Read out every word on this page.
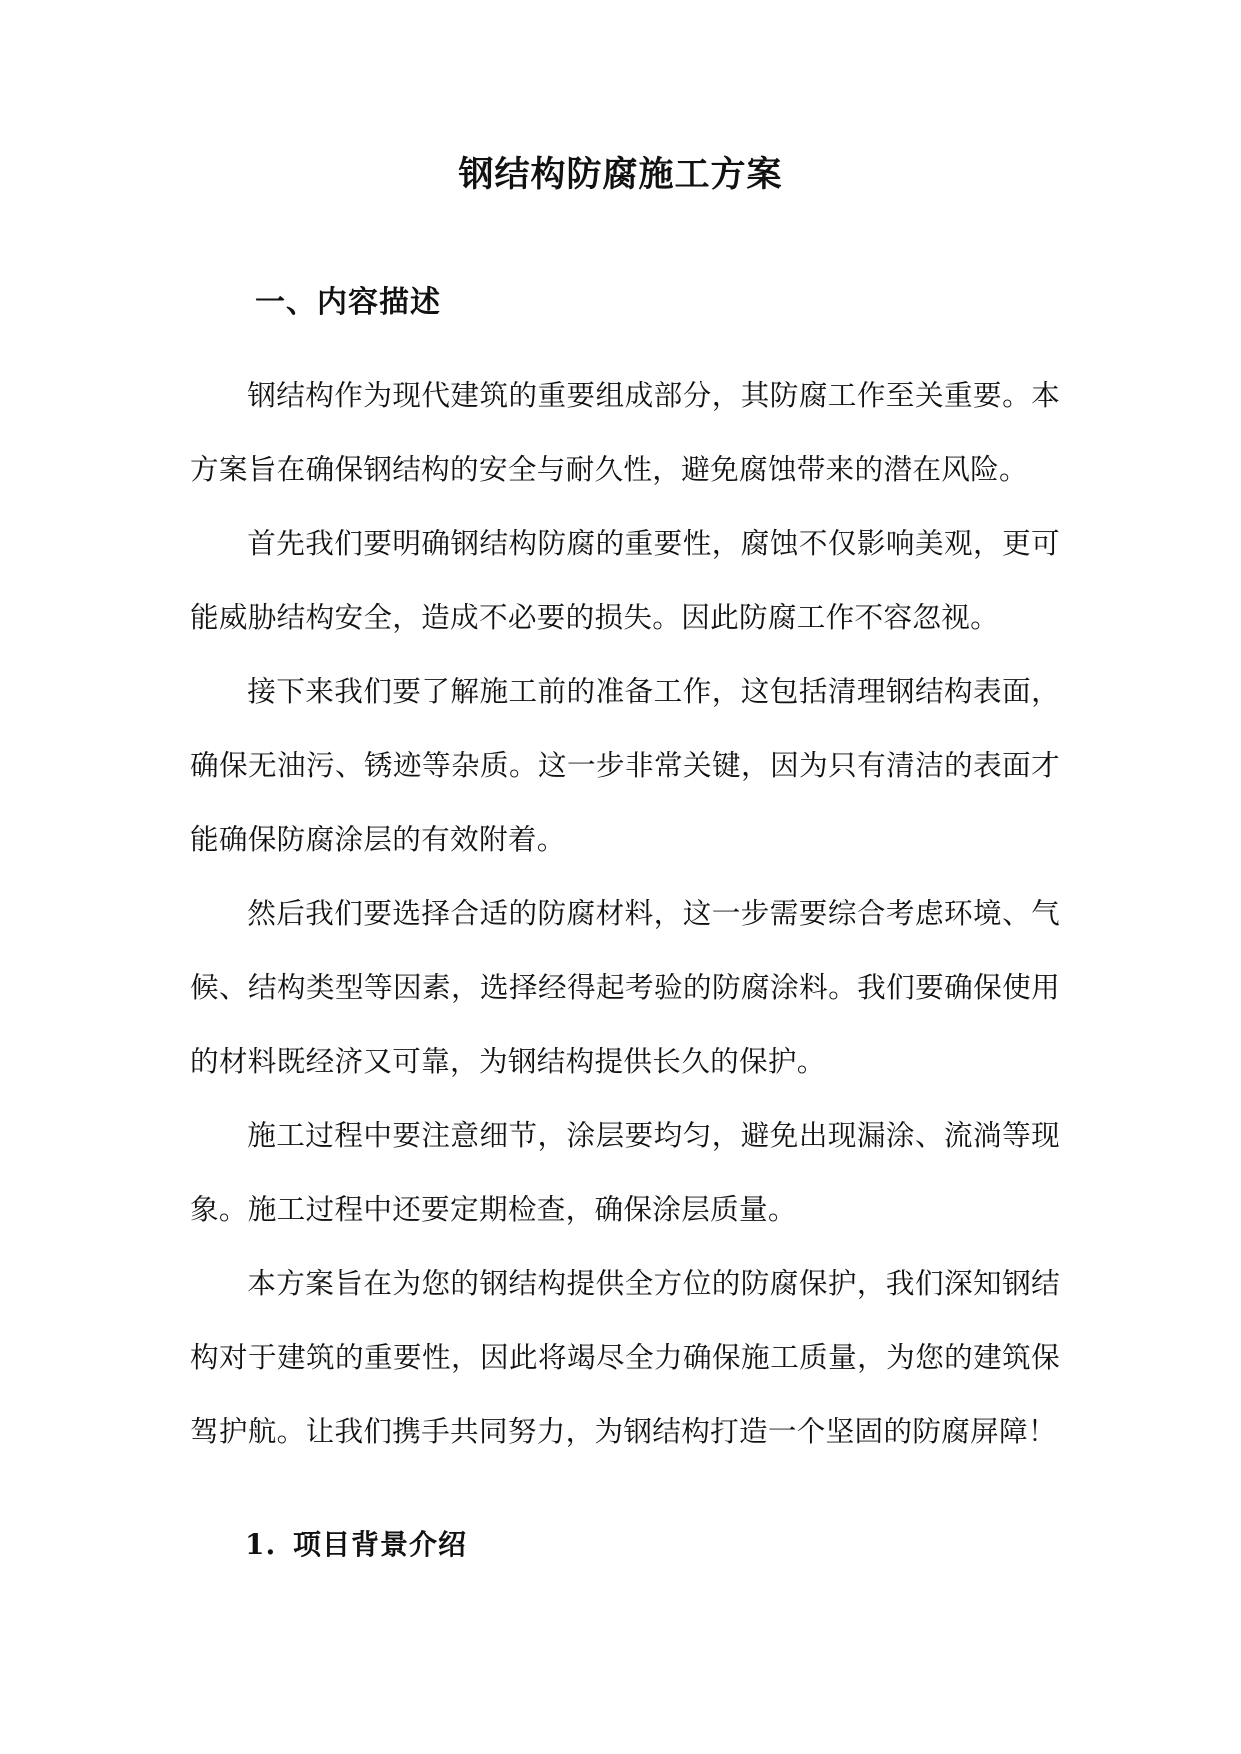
钢结构防腐施工方案
一、内容描述

钢结构作为现代建筑的重要组成部分，其防腐工作至关重要。本方案旨在确保钢结构的安全与耐久性，避免腐蚀带来的潜在风险。

首先我们要明确钢结构防腐的重要性，腐蚀不仅影响美观，更可能威胁结构安全，造成不必要的损失。因此防腐工作不容忽视。

接下来我们要了解施工前的准备工作，这包括清理钢结构表面，确保无油污、锈迹等杂质。这一步非常关键，因为只有清洁的表面才能确保防腐涂层的有效附着。

然后我们要选择合适的防腐材料，这一步需要综合考虑环境、气候、结构类型等因素，选择经得起考验的防腐涂料。我们要确保使用的材料既经济又可靠，为钢结构提供长久的保护。

施工过程中要注意细节，涂层要均匀，避免出现漏涂、流淌等现象。施工过程中还要定期检查，确保涂层质量。

本方案旨在为您的钢结构提供全方位的防腐保护，我们深知钢结构对于建筑的重要性，因此将竭尽全力确保施工质量，为您的建筑保驾护航。让我们携手共同努力，为钢结构打造一个坚固的防腐屏障！

1. 项目背景介绍
